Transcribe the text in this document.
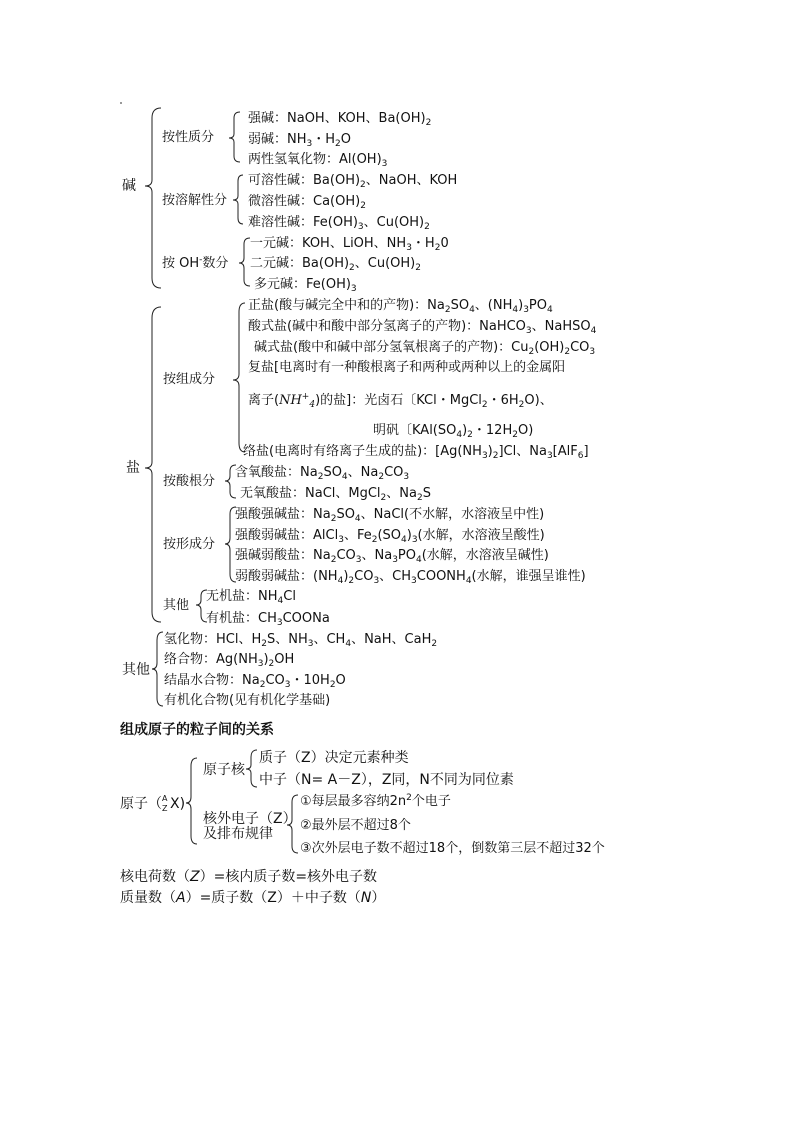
碱
按性质分
强碱：NaOH、KOH、$Ba(OH)_2$
弱碱：$NH_3$・$H_2O$
两性氢氧化物：$Al(OH)_3$
按溶解性分
可溶性碱：$Ba(OH)_2$、NaOH、KOH
微溶性碱：$Ca(OH)_2$
难溶性碱：$Fe(OH)_3$、$Cu(OH)_2$
按 OH-数分
一元碱：KOH、LiOH、$NH_3$・$H_20$
二元碱：$Ba(OH)_2$、$Cu(OH)_2$
多元碱：$Fe(OH)_3$
盐
按组成分
正盐(酸与碱完全中和的产物)：$Na_2SO_4$、$(NH_4)_3PO_4$
酸式盐(碱中和酸中部分氢离子的产物)：NaHCO$_3$、NaHSO$_4$
碱式盐(酸中和碱中部分氢氧根离子的产物)：$Cu_2(OH)_2CO_3$
复盐[电离时有一种酸根离子和两种或两种以上的金属阳
离子$(NH^+_4)$的盐]：光卤石〔KCl・MgCl$_2$・$6H_2O$)、
明矾〔$KAl(SO_4)_2$・$12H_2O$)
络盐(电离时有络离子生成的盐)：$[Ag(NH_3)_2]Cl$、$Na_3[AlF_6]$
按酸根分
含氧酸盐：$Na_2SO_4$、$Na_2CO_3$
无氧酸盐：NaCl、MgCl$_2$、$Na_2S$
按形成分
强酸强碱盐：$Na_2SO_4$、NaCl(不水解，水溶液呈中性)
强酸弱碱盐：AlCl$_3$、$Fe_2(SO_4)_3$(水解，水溶液呈酸性)
强碱弱酸盐：$Na_2CO_3$、$Na_3PO_4$(水解，水溶液呈碱性)
弱酸弱碱盐：$(NH_4)_2CO_3$、$CH_3COONH_4$(水解，谁强呈谁性)
其他
无机盐：$NH_4Cl$
有机盐：$CH_3COONa$
其他
氢化物：HCl、$H_2S$、$NH_3$、$CH_4$、NaH、CaH$_2$
络合物：$Ag(NH_3)_2OH$
结晶水合物：$Na_2CO_3$・$10H_2O$
有机化合物(见有机化学基础)
组成原子的粒子间的关系
原子（ A
Z X)
原子核
质子（Z）决定元素种类
中子（N= A－Z），Z同，N不同为同位素
核外电子（Z）
及排布规律
①每层最多容纳$2n^2$个电子
②最外层不超过8个
③次外层电子数不超过18个，倒数第三层不超过32个
核电荷数（Z）=核内质子数=核外电子数
质量数（A）=质子数（Z）＋中子数（N）
